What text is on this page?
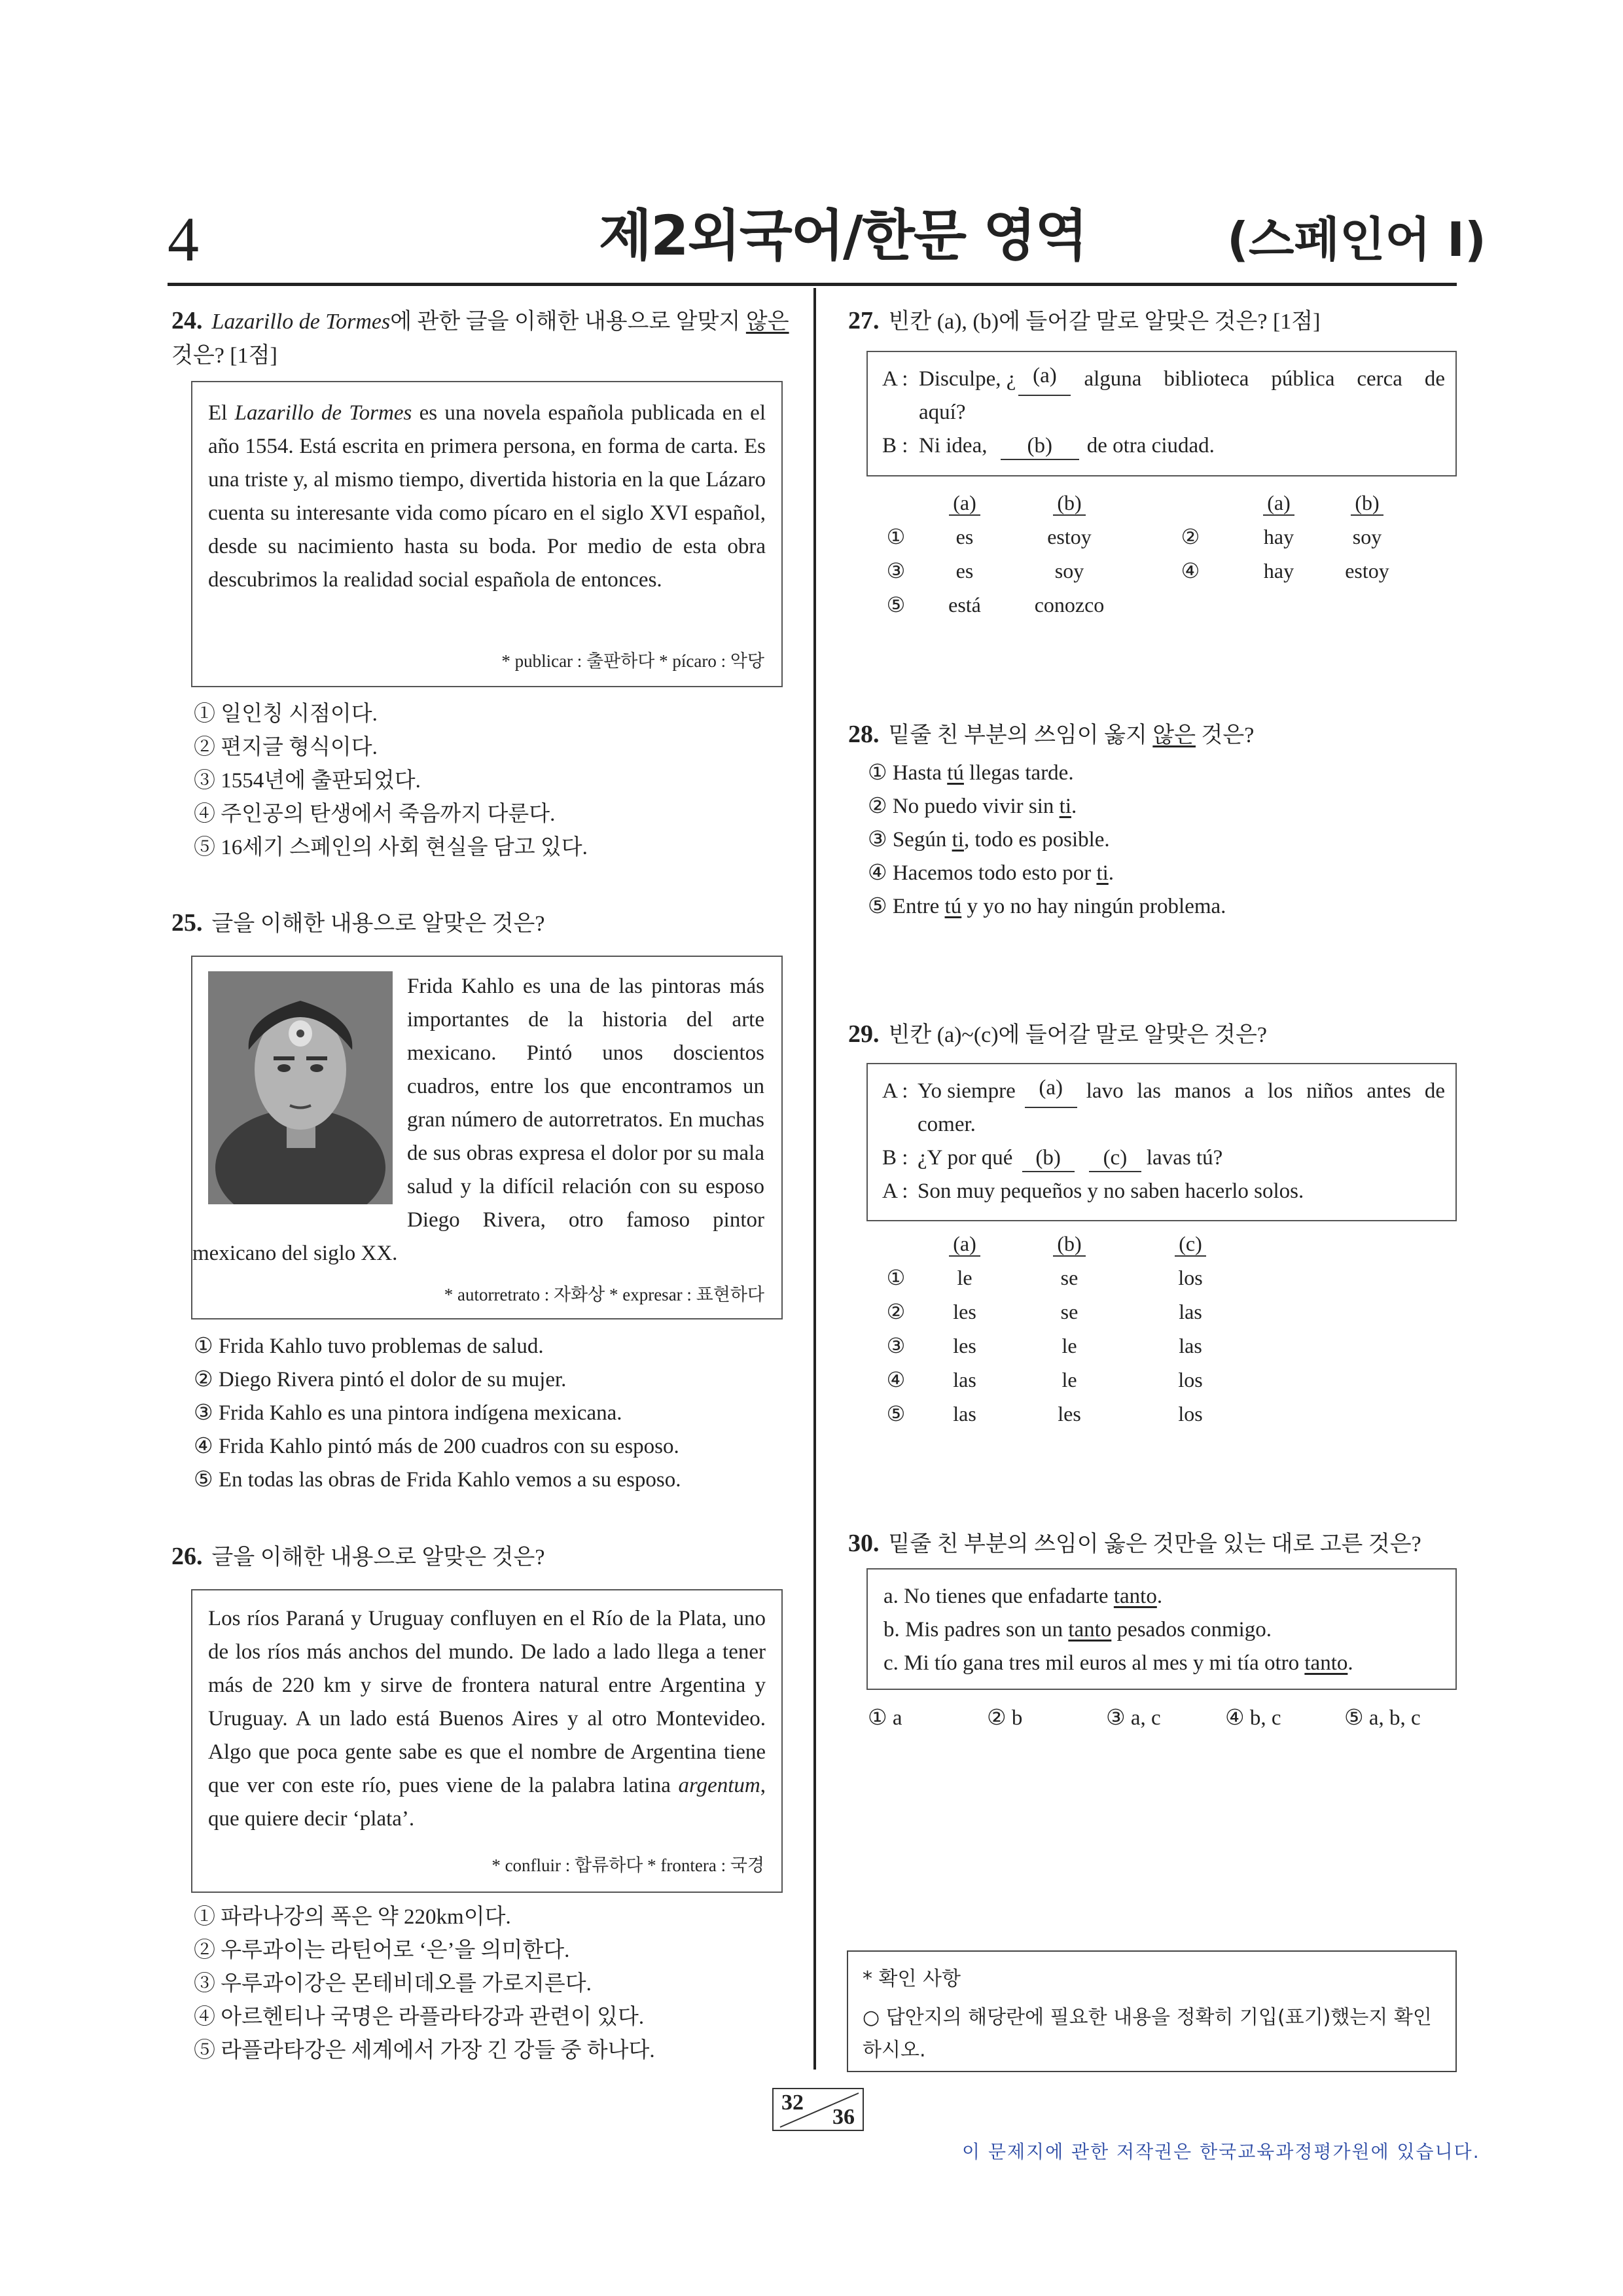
4	제2외국어/한문 영역	(스페인어 I)
24. Lazarillo de Tormes에 관한 글을 이해한 내용으로 알맞지 않은 것은? [1점]
El Lazarillo de Tormes es una novela española publicada en el año 1554. Está escrita en primera persona, en forma de carta. Es una triste y, al mismo tiempo, divertida historia en la que Lázaro cuenta su interesante vida como pícaro en el siglo XVI español, desde su nacimiento hasta su boda. Por medio de esta obra descubrimos la realidad social española de entonces.
* publicar : 출판하다 * pícaro : 악당
① 일인칭 시점이다.
② 편지글 형식이다.
③ 1554년에 출판되었다.
④ 주인공의 탄생에서 죽음까지 다룬다.
⑤ 16세기 스페인의 사회 현실을 담고 있다.
25. 글을 이해한 내용으로 알맞은 것은?
Frida Kahlo es una de las pintoras más importantes de la historia del arte mexicano. Pintó unos doscientos cuadros, entre los que encontramos un gran número de autorretratos. En muchas de sus obras expresa el dolor por su mala salud y la difícil relación con su esposo Diego Rivera, otro famoso pintor mexicano del siglo XX.
* autorretrato : 자화상 * expresar : 표현하다
① Frida Kahlo tuvo problemas de salud.
② Diego Rivera pintó el dolor de su mujer.
③ Frida Kahlo es una pintora indígena mexicana.
④ Frida Kahlo pintó más de 200 cuadros con su esposo.
⑤ En todas las obras de Frida Kahlo vemos a su esposo.
26. 글을 이해한 내용으로 알맞은 것은?
Los ríos Paraná y Uruguay confluyen en el Río de la Plata, uno de los ríos más anchos del mundo. De lado a lado llega a tener más de 220 km y sirve de frontera natural entre Argentina y Uruguay. A un lado está Buenos Aires y al otro Montevideo. Algo que poca gente sabe es que el nombre de Argentina tiene que ver con este río, pues viene de la palabra latina argentum, que quiere decir ‘plata’.
* confluir : 합류하다 * frontera : 국경
① 파라나강의 폭은 약 220km이다.
② 우루과이는 라틴어로 ‘은’을 의미한다.
③ 우루과이강은 몬테비데오를 가로지른다.
④ 아르헨티나 국명은 라플라타강과 관련이 있다.
⑤ 라플라타강은 세계에서 가장 긴 강들 중 하나다.
27. 빈칸 (a), (b)에 들어갈 말로 알맞은 것은? [1점]
A : Disculpe, ¿ (a)	alguna biblioteca pública cerca de
aquí?
B : Ni idea, (b) de otra ciudad.
	(a)	(b)		(a)	(b)
①	es	estoy	②	hay	soy
③	es	soy	④	hay	estoy
⑤	está	conozco			
28. 밑줄 친 부분의 쓰임이 옳지 않은 것은?
① Hasta tú llegas tarde.
② No puedo vivir sin ti.
③ Según ti, todo es posible.
④ Hacemos todo esto por ti.
⑤ Entre tú y yo no hay ningún problema.
29. 빈칸 (a)~(c)에 들어갈 말로 알맞은 것은?
A : Yo siempre	(a)	lavo las manos a los niños antes de
comer.
B : ¿Y por qué (b) (c) lavas tú?
A : Son muy pequeños y no saben hacerlo solos.
	(a)	(b)	(c)
①	le	se	los
②	les	se	las
③	les	le	las
④	las	le	los
⑤	las	les	los
30. 밑줄 친 부분의 쓰임이 옳은 것만을 있는 대로 고른 것은?
a. No tienes que enfadarte tanto.
b. Mis padres son un tanto pesados conmigo.
c. Mi tío gana tres mil euros al mes y mi tía otro tanto.
① a	② b	③ a, c	④ b, c	⑤ a, b, c
* 확인 사항
○ 답안지의 해당란에 필요한 내용을 정확히 기입(표기)했는지 확인하시오.
32
36
이 문제지에 관한 저작권은 한국교육과정평가원에 있습니다.
